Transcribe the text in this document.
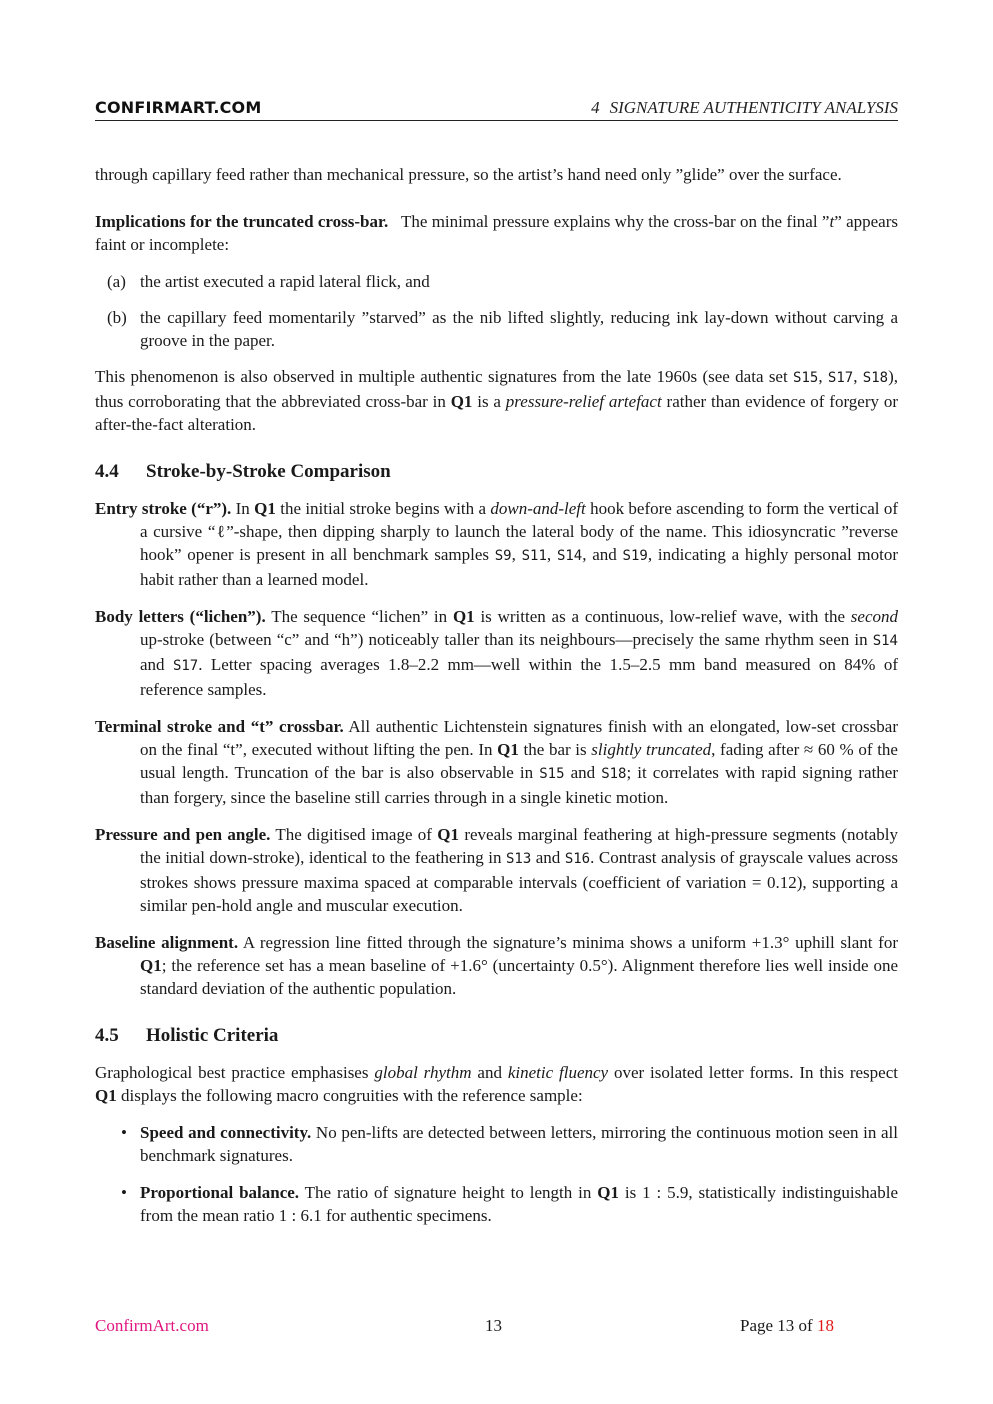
CONFIRMART.COM	4 SIGNATURE AUTHENTICITY ANALYSIS

through capillary feed rather than mechanical pressure, so the artist’s hand need only ”glide” over the surface.

Implications for the truncated cross-bar. The minimal pressure explains why the cross-bar on the final ”t” appears faint or incomplete:

(a) the artist executed a rapid lateral flick, and
(b) the capillary feed momentarily ”starved” as the nib lifted slightly, reducing ink lay-down without carving a groove in the paper.

This phenomenon is also observed in multiple authentic signatures from the late 1960s (see data set S15, S17, S18), thus corroborating that the abbreviated cross-bar in Q1 is a pressure-relief artefact rather than evidence of forgery or after-the-fact alteration.

4.4 Stroke-by-Stroke Comparison

Entry stroke (“r”). In Q1 the initial stroke begins with a down-and-left hook before ascending to form the vertical of a cursive “ℓ”-shape, then dipping sharply to launch the lateral body of the name. This idiosyncratic ”reverse hook” opener is present in all benchmark samples S9, S11, S14, and S19, indicating a highly personal motor habit rather than a learned model.

Body letters (“lichen”). The sequence “lichen” in Q1 is written as a continuous, low-relief wave, with the second up-stroke (between “c” and “h”) noticeably taller than its neighbours—precisely the same rhythm seen in S14 and S17. Letter spacing averages 1.8–2.2 mm—well within the 1.5–2.5 mm band measured on 84% of reference samples.

Terminal stroke and “t” crossbar. All authentic Lichtenstein signatures finish with an elongated, low-set crossbar on the final “t”, executed without lifting the pen. In Q1 the bar is slightly truncated, fading after ≈ 60 % of the usual length. Truncation of the bar is also observable in S15 and S18; it correlates with rapid signing rather than forgery, since the baseline still carries through in a single kinetic motion.

Pressure and pen angle. The digitised image of Q1 reveals marginal feathering at high-pressure segments (notably the initial down-stroke), identical to the feathering in S13 and S16. Contrast analysis of grayscale values across strokes shows pressure maxima spaced at comparable intervals (coefficient of variation = 0.12), supporting a similar pen-hold angle and muscular execution.

Baseline alignment. A regression line fitted through the signature’s minima shows a uniform +1.3° uphill slant for Q1; the reference set has a mean baseline of +1.6° (uncertainty 0.5°). Alignment therefore lies well inside one standard deviation of the authentic population.

4.5 Holistic Criteria

Graphological best practice emphasises global rhythm and kinetic fluency over isolated letter forms. In this respect Q1 displays the following macro congruities with the reference sample:

• Speed and connectivity. No pen-lifts are detected between letters, mirroring the continuous motion seen in all benchmark signatures.
• Proportional balance. The ratio of signature height to length in Q1 is 1 : 5.9, statistically indistinguishable from the mean ratio 1 : 6.1 for authentic specimens.
ConfirmArt.com	13	Page 13 of 18
